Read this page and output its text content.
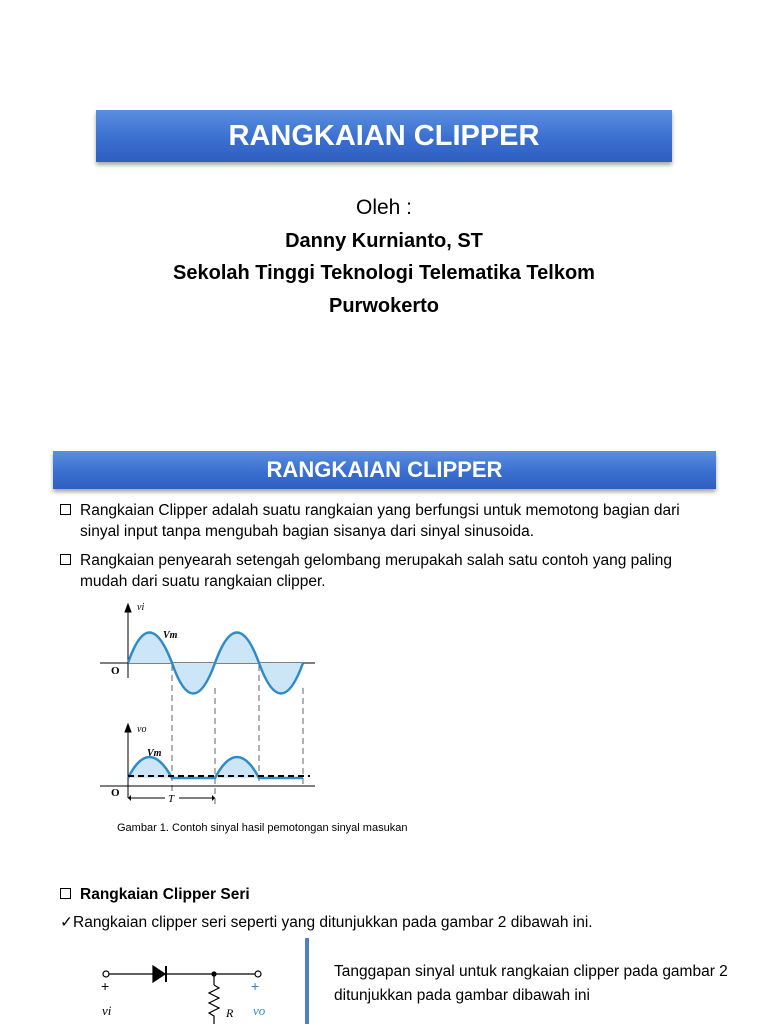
RANGKAIAN CLIPPER
Oleh :
Danny Kurnianto, ST
Sekolah Tinggi Teknologi Telematika Telkom
Purwokerto
RANGKAIAN CLIPPER
Rangkaian Clipper adalah suatu rangkaian yang berfungsi untuk memotong bagian dari sinyal input tanpa mengubah bagian sisanya dari sinyal sinusoida.
Rangkaian penyearah setengah gelombang merupakah salah satu contoh yang paling mudah dari suatu rangkaian clipper.
vi
Vm
O
vo
Vm
O	T
Gambar 1. Contoh sinyal hasil pemotongan sinyal masukan
Rangkaian Clipper Seri
✓Rangkaian clipper seri seperti yang ditunjukkan pada gambar 2 dibawah ini.
+	+
vi	R vo
Tanggapan sinyal untuk rangkaian clipper pada gambar 2 ditunjukkan pada gambar dibawah ini
